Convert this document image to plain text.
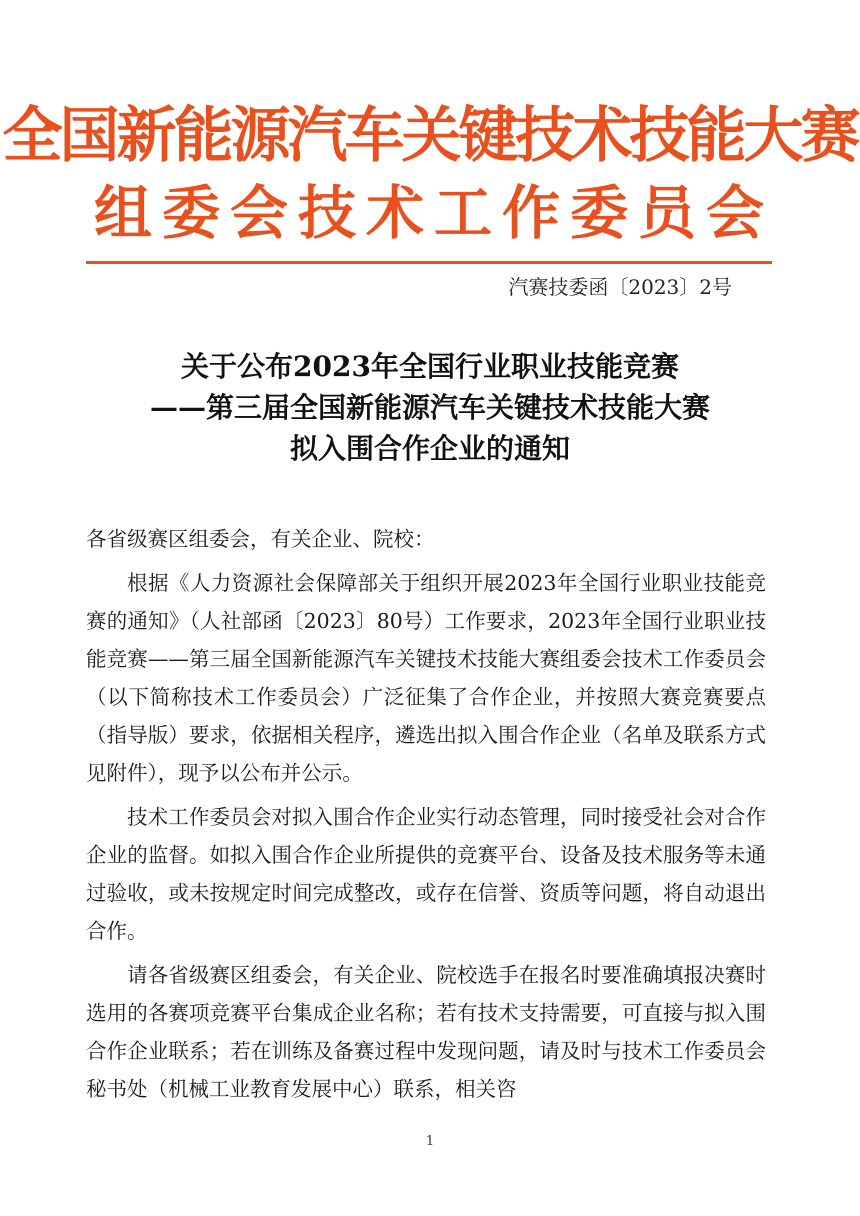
全国新能源汽车关键技术技能大赛
组委会技术工作委员会
汽赛技委函〔2023〕2号
关于公布2023年全国行业职业技能竞赛
——第三届全国新能源汽车关键技术技能大赛
拟入围合作企业的通知

各省级赛区组委会，有关企业、院校：

根据《人力资源社会保障部关于组织开展2023年全国行业职业技能竞赛的通知》（人社部函〔2023〕80号）工作要求，2023年全国行业职业技能竞赛——第三届全国新能源汽车关键技术技能大赛组委会技术工作委员会（以下简称技术工作委员会）广泛征集了合作企业，并按照大赛竞赛要点（指导版）要求，依据相关程序，遴选出拟入围合作企业（名单及联系方式见附件），现予以公布并公示。

技术工作委员会对拟入围合作企业实行动态管理，同时接受社会对合作企业的监督。如拟入围合作企业所提供的竞赛平台、设备及技术服务等未通过验收，或未按规定时间完成整改，或存在信誉、资质等问题，将自动退出合作。

请各省级赛区组委会，有关企业、院校选手在报名时要准确填报决赛时选用的各赛项竞赛平台集成企业名称；若有技术支持需要，可直接与拟入围合作企业联系；若在训练及备赛过程中发现问题，请及时与技术工作委员会秘书处（机械工业教育发展中心）联系，相关咨

1
